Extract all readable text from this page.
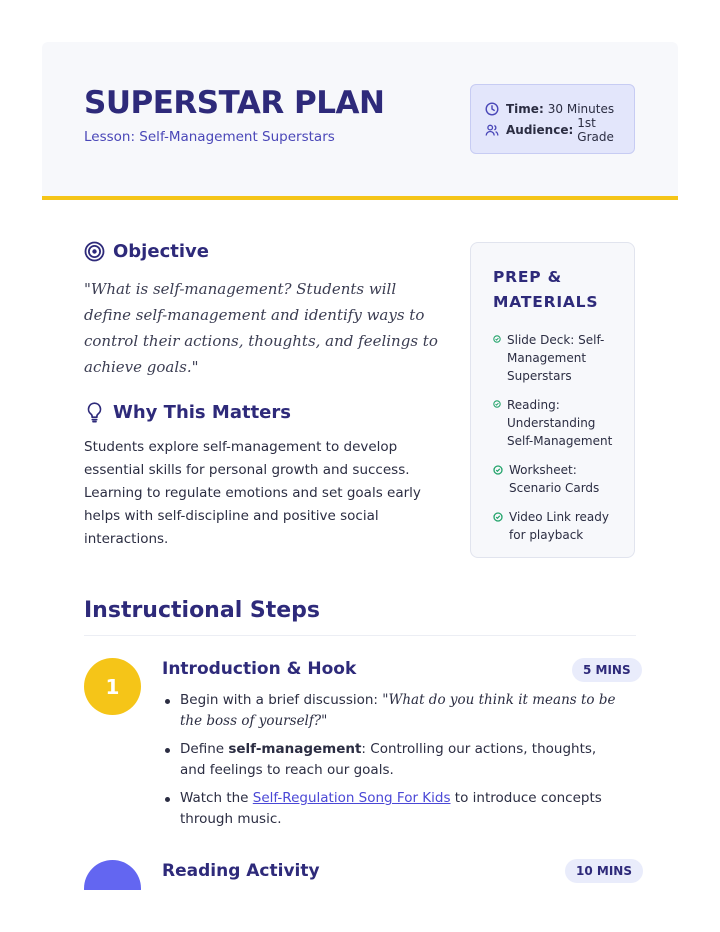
SUPERSTAR PLAN
Lesson: Self-Management Superstars
Time: 30 Minutes
Audience: 1st Grade
Objective
"What is self-management? Students will define self-management and identify ways to control their actions, thoughts, and feelings to achieve goals."
Why This Matters
Students explore self-management to develop essential skills for personal growth and success. Learning to regulate emotions and set goals early helps with self-discipline and positive social interactions.
PREP & MATERIALS
Slide Deck: Self-Management Superstars
Reading: Understanding Self-Management
Worksheet: Scenario Cards
Video Link ready for playback
Instructional Steps
1
Introduction & Hook	5 MINS
Begin with a brief discussion: "What do you think it means to be the boss of yourself?"
Define self-management: Controlling our actions, thoughts, and feelings to reach our goals.
Watch the Self-Regulation Song For Kids to introduce concepts through music.
Reading Activity	10 MINS
